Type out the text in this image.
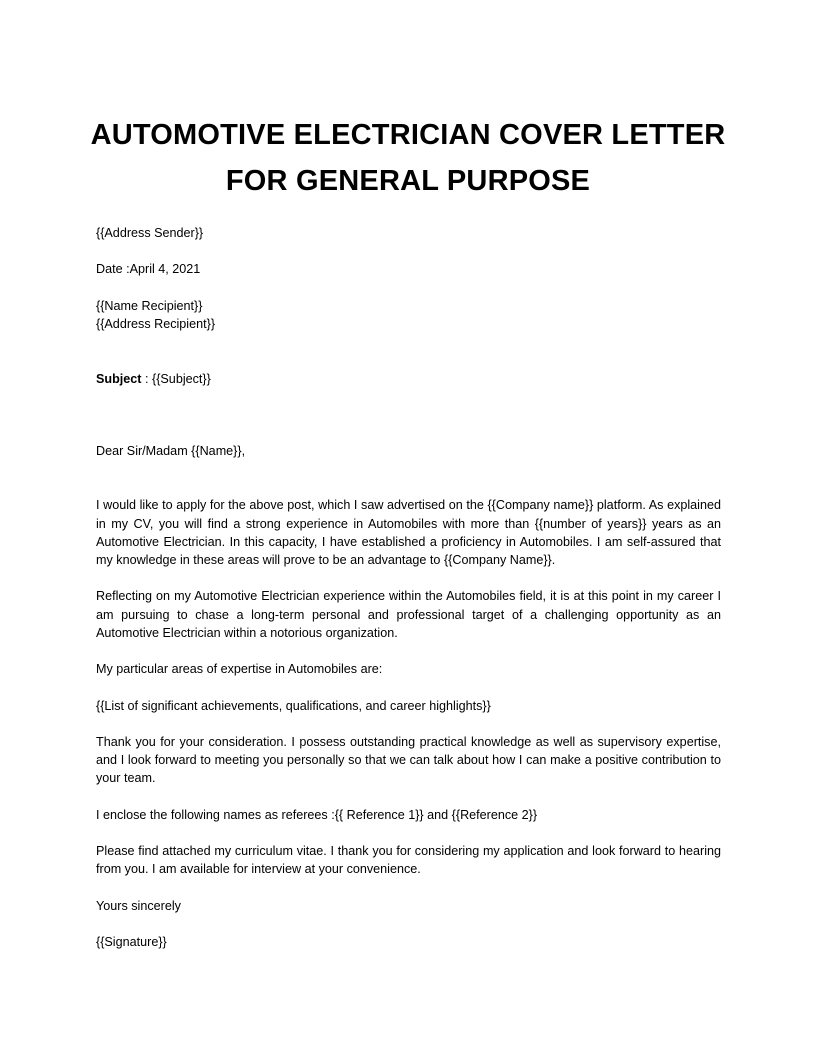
AUTOMOTIVE ELECTRICIAN COVER LETTER
FOR GENERAL PURPOSE

{{Address Sender}}

Date :April 4, 2021

{{Name Recipient}}

{{Address Recipient}}

Subject : {{Subject}}

Dear Sir/Madam {{Name}},

I would like to apply for the above post, which I saw advertised on the {{Company name}} platform. As explained in my CV, you will find a strong experience in Automobiles with more than {{number of years}} years as an Automotive Electrician. In this capacity, I have established a proficiency in Automobiles. I am self-assured that my knowledge in these areas will prove to be an advantage to {{Company Name}}.

Reflecting on my Automotive Electrician experience within the Automobiles field, it is at this point in my career I am pursuing to chase a long-term personal and professional target of a challenging opportunity as an Automotive Electrician within a notorious organization.

My particular areas of expertise in Automobiles are:

{{List of significant achievements, qualifications, and career highlights}}

Thank you for your consideration. I possess outstanding practical knowledge as well as supervisory expertise, and I look forward to meeting you personally so that we can talk about how I can make a positive contribution to your team.

I enclose the following names as referees :{{ Reference 1}} and {{Reference 2}}

Please find attached my curriculum vitae. I thank you for considering my application and look forward to hearing from you. I am available for interview at your convenience.

Yours sincerely

{{Signature}}
